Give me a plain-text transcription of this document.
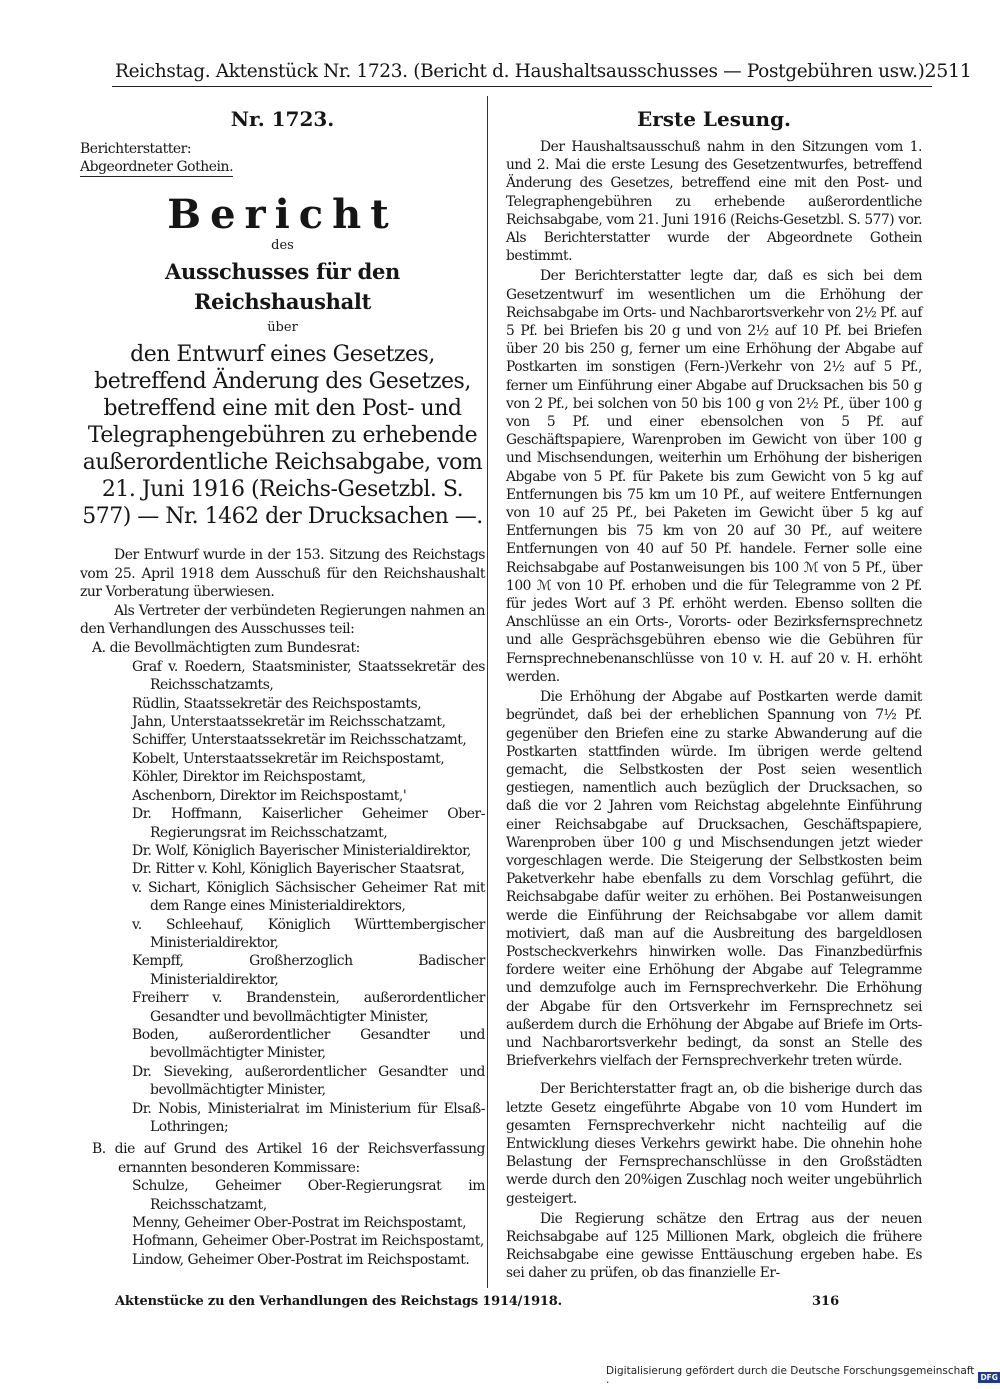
Reichstag. Aktenstück Nr. 1723. (Bericht d. Haushaltsausschusses — Postgebühren usw.) 2511
Nr. 1723.

Berichterstatter:

Abgeordneter Gothein.
Bericht

des

Ausschusses für den Reichshaushalt

über

den Entwurf eines Gesetzes, betreffend Änderung des Gesetzes, betreffend eine mit den Post- und Telegraphengebühren zu erhebende außerordentliche Reichsabgabe, vom 21. Juni 1916 (Reichs-Gesetzbl. S. 577) — Nr. 1462 der Drucksachen —.

Der Entwurf wurde in der 153. Sitzung des Reichstags vom 25. April 1918 dem Ausschuß für den Reichshaushalt zur Vorberatung überwiesen.

Als Vertreter der verbündeten Regierungen nahmen an den Verhandlungen des Ausschusses teil:

A. die Bevollmächtigten zum Bundesrat:

Graf v. Roedern, Staatsminister, Staatssekretär des Reichsschatzamts,
Rüdlin, Staatssekretär des Reichspostamts,
Jahn, Unterstaatssekretär im Reichsschatzamt,
Schiffer, Unterstaatssekretär im Reichsschatzamt,
Kobelt, Unterstaatssekretär im Reichspostamt,
Köhler, Direktor im Reichspostamt,
Aschenborn, Direktor im Reichspostamt,'
Dr. Hoffmann, Kaiserlicher Geheimer Ober-Regierungsrat im Reichsschatzamt,
Dr. Wolf, Königlich Bayerischer Ministerialdirektor,
Dr. Ritter v. Kohl, Königlich Bayerischer Staatsrat,
v. Sichart, Königlich Sächsischer Geheimer Rat mit dem Range eines Ministerialdirektors,
v. Schleehauf, Königlich Württembergischer Ministerialdirektor,
Kempff, Großherzoglich Badischer Ministerialdirektor,
Freiherr v. Brandenstein, außerordentlicher Gesandter und bevollmächtigter Minister,
Boden, außerordentlicher Gesandter und bevollmächtigter Minister,
Dr. Sieveking, außerordentlicher Gesandter und bevollmächtigter Minister,
Dr. Nobis, Ministerialrat im Ministerium für Elsaß-Lothringen;

B. die auf Grund des Artikel 16 der Reichsverfassung ernannten besonderen Kommissare:

Schulze, Geheimer Ober-Regierungsrat im Reichsschatzamt,
Menny, Geheimer Ober-Postrat im Reichspostamt,
Hofmann, Geheimer Ober-Postrat im Reichspostamt,
Lindow, Geheimer Ober-Postrat im Reichspostamt.
Erste Lesung.

Der Haushaltsausschuß nahm in den Sitzungen vom 1. und 2. Mai die erste Lesung des Gesetzentwurfes, betreffend Änderung des Gesetzes, betreffend eine mit den Post- und Telegraphengebühren zu erhebende außerordentliche Reichsabgabe, vom 21. Juni 1916 (Reichs-Gesetzbl. S. 577) vor. Als Berichterstatter wurde der Abgeordnete Gothein bestimmt.

Der Berichterstatter legte dar, daß es sich bei dem Gesetzentwurf im wesentlichen um die Erhöhung der Reichsabgabe im Orts- und Nachbarortsverkehr von 2½ Pf. auf 5 Pf. bei Briefen bis 20 g und von 2½ auf 10 Pf. bei Briefen über 20 bis 250 g, ferner um eine Erhöhung der Abgabe auf Postkarten im sonstigen (Fern-)Verkehr von 2½ auf 5 Pf., ferner um Einführung einer Abgabe auf Drucksachen bis 50 g von 2 Pf., bei solchen von 50 bis 100 g von 2½ Pf., über 100 g von 5 Pf. und einer ebensolchen von 5 Pf. auf Geschäftspapiere, Warenproben im Gewicht von über 100 g und Mischsendungen, weiterhin um Erhöhung der bisherigen Abgabe von 5 Pf. für Pakete bis zum Gewicht von 5 kg auf Entfernungen bis 75 km um 10 Pf., auf weitere Entfernungen von 10 auf 25 Pf., bei Paketen im Gewicht über 5 kg auf Entfernungen bis 75 km von 20 auf 30 Pf., auf weitere Entfernungen von 40 auf 50 Pf. handele. Ferner solle eine Reichsabgabe auf Postanweisungen bis 100 ℳ von 5 Pf., über 100 ℳ von 10 Pf. erhoben und die für Telegramme von 2 Pf. für jedes Wort auf 3 Pf. erhöht werden. Ebenso sollten die Anschlüsse an ein Orts-, Vororts- oder Bezirksfernsprechnetz und alle Gesprächsgebühren ebenso wie die Gebühren für Fernsprechnebenanschlüsse von 10 v. H. auf 20 v. H. erhöht werden.

Die Erhöhung der Abgabe auf Postkarten werde damit begründet, daß bei der erheblichen Spannung von 7½ Pf. gegenüber den Briefen eine zu starke Abwanderung auf die Postkarten stattfinden würde. Im übrigen werde geltend gemacht, die Selbstkosten der Post seien wesentlich gestiegen, namentlich auch bezüglich der Drucksachen, so daß die vor 2 Jahren vom Reichstag abgelehnte Einführung einer Reichsabgabe auf Drucksachen, Geschäftspapiere, Warenproben über 100 g und Mischsendungen jetzt wieder vorgeschlagen werde. Die Steigerung der Selbstkosten beim Paketverkehr habe ebenfalls zu dem Vorschlag geführt, die Reichsabgabe dafür weiter zu erhöhen. Bei Postanweisungen werde die Einführung der Reichsabgabe vor allem damit motiviert, daß man auf die Ausbreitung des bargeldlosen Postscheckverkehrs hinwirken wolle. Das Finanzbedürfnis fordere weiter eine Erhöhung der Abgabe auf Telegramme und demzufolge auch im Fernsprechverkehr. Die Erhöhung der Abgabe für den Ortsverkehr im Fernsprechnetz sei außerdem durch die Erhöhung der Abgabe auf Briefe im Orts- und Nachbarortsverkehr bedingt, da sonst an Stelle des Briefverkehrs vielfach der Fernsprechverkehr treten würde.

Der Berichterstatter fragt an, ob die bisherige durch das letzte Gesetz eingeführte Abgabe von 10 vom Hundert im gesamten Fernsprechverkehr nicht nachteilig auf die Entwicklung dieses Verkehrs gewirkt habe. Die ohnehin hohe Belastung der Fernsprechanschlüsse in den Großstädten werde durch den 20%igen Zuschlag noch weiter ungebührlich gesteigert.

Die Regierung schätze den Ertrag aus der neuen Reichsabgabe auf 125 Millionen Mark, obgleich die frühere Reichsabgabe eine gewisse Enttäuschung ergeben habe. Es sei daher zu prüfen, ob das finanzielle Er-

Aktenstücke zu den Verhandlungen des Reichstags 1914/1918.	316
Digitalisierung gefördert durch die Deutsche Forschungsgemeinschaft ·	DFG
